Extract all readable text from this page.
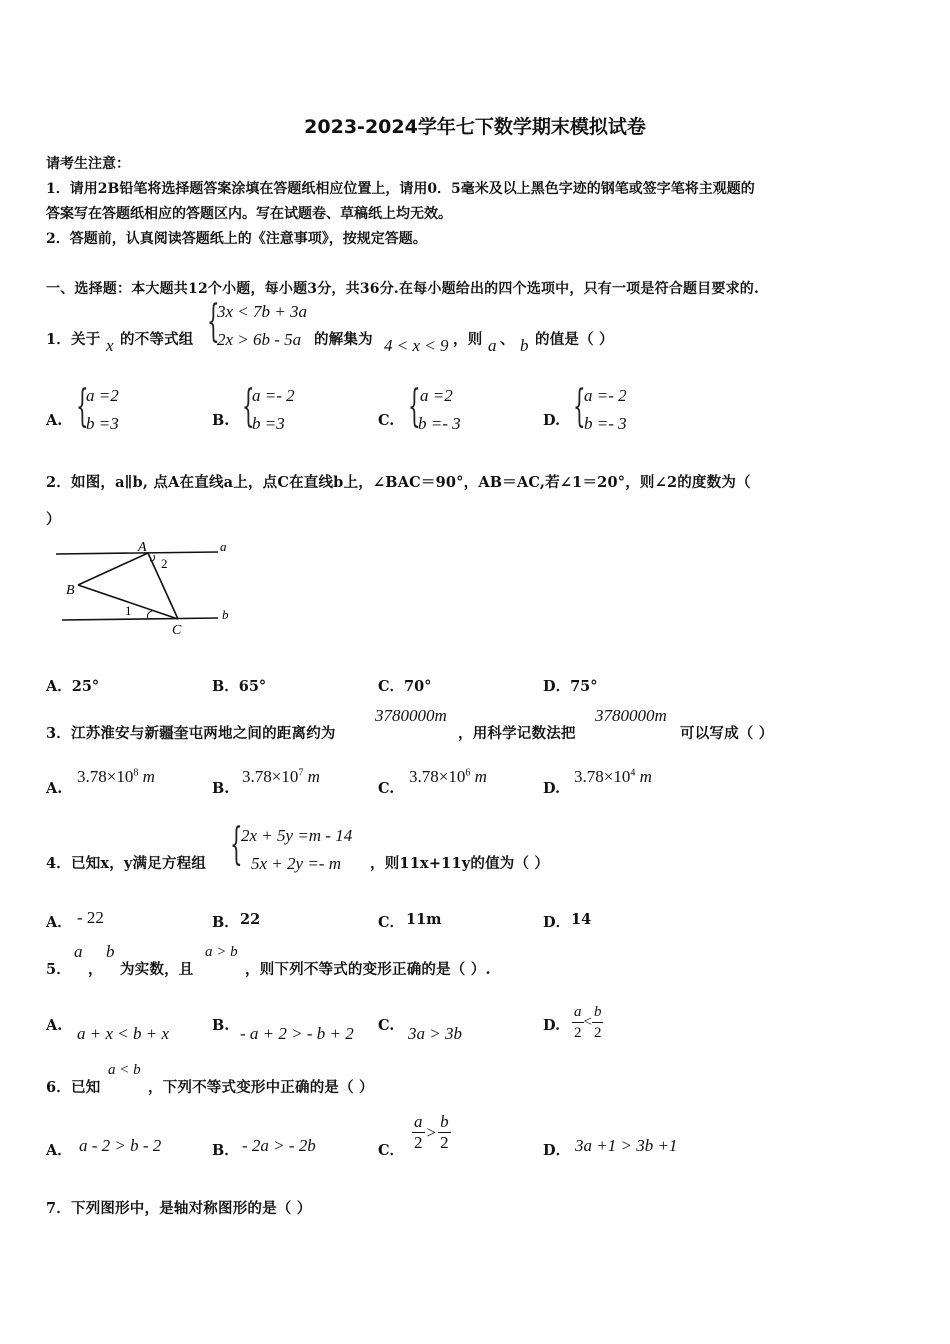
2023-2024学年七下数学期末模拟试卷
请考生注意：
1．请用2B铅笔将选择题答案涂填在答题纸相应位置上，请用0．5毫米及以上黑色字迹的钢笔或签字笔将主观题的
答案写在答题纸相应的答题区内。写在试题卷、草稿纸上均无效。
2．答题前，认真阅读答题纸上的《注意事项》，按规定答题。
一、选择题：本大题共12个小题，每小题3分，共36分.在每小题给出的四个选项中，只有一项是符合题目要求的.
1．关于 x 的不等式组 {
3x < 7b + 3a
2x > 6b - 5a 的解集为 4 < x < 9 ，则 a 、 b 的值是（ ）
A. {
a =2
b =3	B. {
a =- 2
b =3	C. { a =2
b =- 3	D. {
a =- 2
b =- 3
2．如图，a∥b, 点A在直线a上，点C在直线b上，∠BAC＝90°，AB＝AC,若∠1＝20°，则∠2的度数为（
）
A
B
C
a
b
1
2
A．25°	B．65°	C．70°	D．75°
3．江苏淮安与新疆奎屯两地之间的距离约为
3780000m
，用科学记数法把
3780000m
可以写成（ ）
A.
$3.78\times 10^8$ m
B.
$3.78\times 10^7$ m
C.
$3.78\times 10^6$ m
D.
$3.78\times 10^4$ m
4．已知x，y满足方程组 {
2x + 5y =m - 14
5x + 2y =- m ，则11x+11y的值为（ ）
A． - 22	B． 22	C． 11m	D． 14
5．
a
，
b
为实数，且
a > b
，则下列不等式的变形正确的是（ ）.
A. a + x < b + x	B. - a + 2 > - b + 2 C. 3a > 3b	D. $\frac{a}{2} < \frac{b}{2}$
6．已知
a < b
，下列不等式变形中正确的是（ ）
A． a - 2 > b - 2	B． - 2a > - 2b	C． $\frac{a}{2} > \frac{b}{2}$	D． 3a +1 > 3b +1
7．下列图形中，是轴对称图形的是（ ）
